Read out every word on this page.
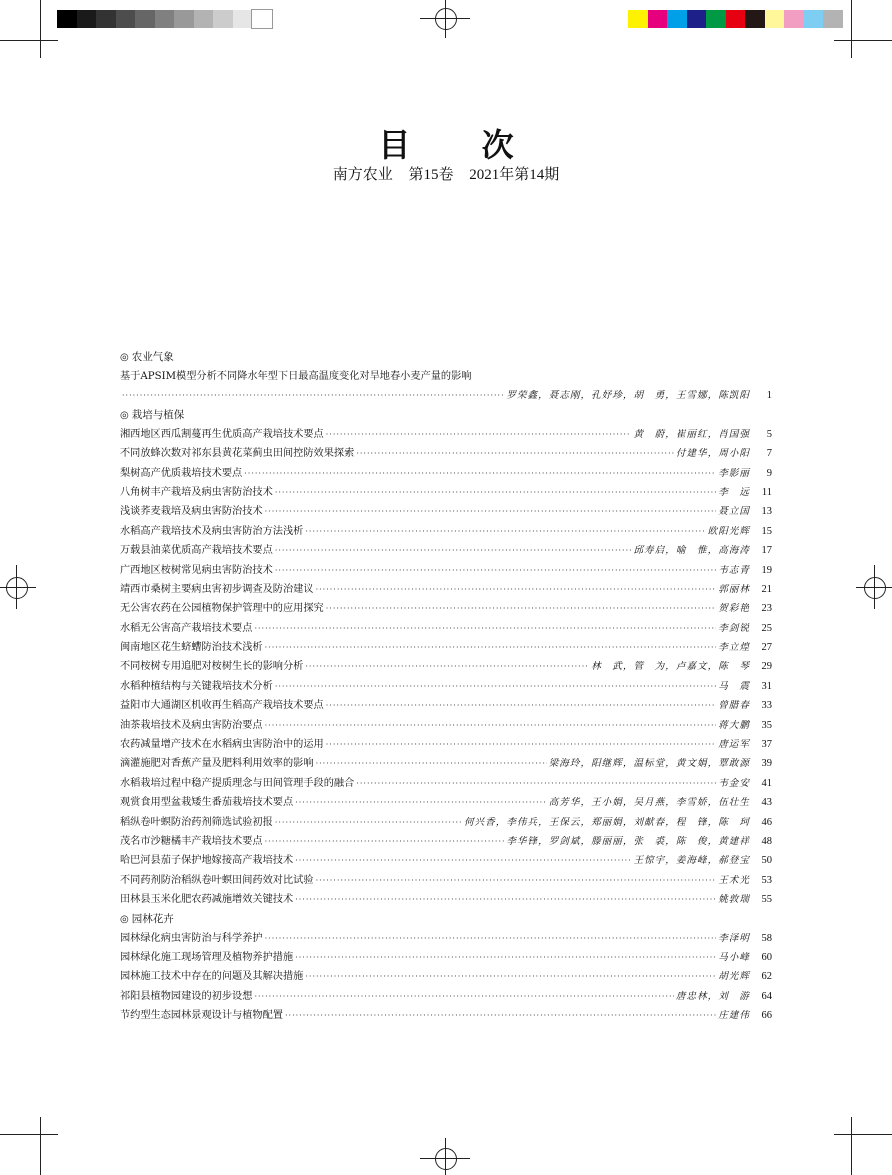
目 次
南方农业 第15卷 2021年第14期
◎ 农业气象
基于APSIM模型分析不同降水年型下日最高温度变化对旱地春小麦产量的影响
·····
罗荣鑫，聂志刚，孔妤珍，胡　勇，王雪娜，陈凯阳	1
◎ 栽培与植保
湘西地区西瓜割蔓再生优质高产栽培技术要点 ·····	黄　蔚，崔丽红，肖国强	5
不同放蜂次数对祁东县黄花菜蓟虫田间控防效果探索 ·····	付建华，周小阳	7
梨树高产优质栽培技术要点 ·····	李影丽	9
八角树丰产栽培及病虫害防治技术 ·····	李　远	11
浅谈荞麦栽培及病虫害防治技术 ·····	聂立国	13
水稻高产栽培技术及病虫害防治方法浅析 ·····	欧阳光辉	15
万载县油菜优质高产栽培技术要点 ·····	邱寿启，喻　惟，高海涛	17
广西地区桉树常见病虫害防治技术 ·····	韦志青	19
靖西市桑树主要病虫害初步调查及防治建议 ·····	郭丽林	21
无公害农药在公园植物保护管理中的应用探究 ·····	贺彩艳	23
水稻无公害高产栽培技术要点 ·····	李剑锐	25
闽南地区花生蛴螬防治技术浅析 ·····	李立煌	27
不同桉树专用追肥对桉树生长的影响分析 ·····	林　武，管　为，卢嘉文，陈　琴	29
水稻种植结构与关键栽培技术分析 ·····	马　震	31
益阳市大通湖区机收再生稻高产栽培技术要点 ·····	曾腊春	33
油茶栽培技术及病虫害防治要点 ·····	蒋大鹏	35
农药减量增产技术在水稻病虫害防治中的运用 ·····	唐运军	37
滴灌施肥对香蕉产量及肥料利用效率的影响 ·····	梁海玲，阳继辉，温标堂，黄文娟，覃敢源	39
水稻栽培过程中稳产提质理念与田间管理手段的融合 ·····	韦金安	41
观赏食用型盆栽矮生番茄栽培技术要点 ·····	高芳华，王小娟，吴月燕，李雪娇，伍壮生	43
稻纵卷叶螟防治药剂筛选试验初报 ·····	何兴香，李伟兵，王保云，郑丽娟，刘献春，程　锋，陈　珂	46
茂名市沙糖橘丰产栽培技术要点 ·····	李华锋，罗剑斌，滕丽丽，张　裘，陈　俊，黄建祥	48
哈巴河县茄子保护地嫁接高产栽培技术 ·····	王惊宇，姜海峰，郝登宝	50
不同药剂防治稻纵卷叶螟田间药效对比试验 ·····	王术光	53
田林县玉米化肥农药减施增效关键技术 ·····	姚敦瑞	55
◎ 园林花卉
园林绿化病虫害防治与科学养护 ·····	李泽明	58
园林绿化施工现场管理及植物养护措施 ·····	马小峰	60
园林施工技术中存在的问题及其解决措施 ·····	胡光辉	62
祁阳县植物园建设的初步设想 ·····	唐忠林，刘　游	64
节约型生态园林景观设计与植物配置 ·····	庄建伟	66
